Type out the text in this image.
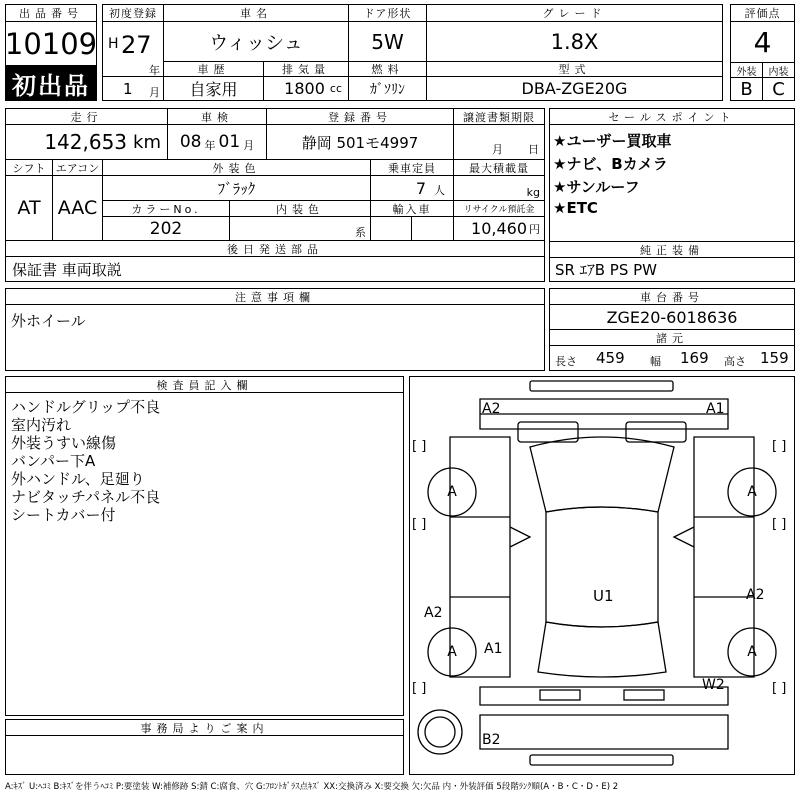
出品番号
10109
初出品
初度登録
H 27
年
1 月
車名
ウィッシュ
ドア形状
5W
グレード
1.8X
評価点
4
外装	内装
B	C
車歴
自家用
排気量
1800 cc
燃料
ｶﾞｿﾘﾝ
型式
DBA-ZGE20G
走行
142,653 km
車検
08 年 01 月
登録番号
静岡 501モ4997
譲渡書類期限
月 日
シフト
AT
エアコン
AAC
外装色
ﾌﾞﾗｯｸ
乗車定員
7 人
最大積載量
kg
カラーNo.
202
内装色
系
輸入車	リサイクル預託金
10,460 円
後日発送部品
保証書 車両取説
セールスポイント
★ユーザー買取車
★ナビ、Bカメラ
★サンルーフ
★ETC
純正装備
SR ｴｱB PS PW
注意事項欄
外ホイール
車台番号
ZGE20-6018636
諸元
長さ 459 幅 169 高さ 159
検査員記入欄
ハンドルグリップ不良
室内汚れ
外装うすい線傷
バンパー下A
外ハンドル、足廻り
ナビタッチパネル不良
シートカバー付
事務局よりご案内
A2	A1
[ ]	[ ]
A	A
[ ]	[ ]
U1
A2
A2
A1
A	A
W2
[ ]	[ ]
B2
A:ｷｽﾞ U:ﾍｺﾐ B:ｷｽﾞを伴うﾍｺﾐ P:要塗装 W:補修跡 S:錆 C:腐食、穴 G:ﾌﾛﾝﾄｶﾞﾗｽ点ｷｽﾞ XX:交換済み X:要交換 欠:欠品 内・外装評価 5段階ﾗﾝｸ順(A・B・C・D・E) 2
